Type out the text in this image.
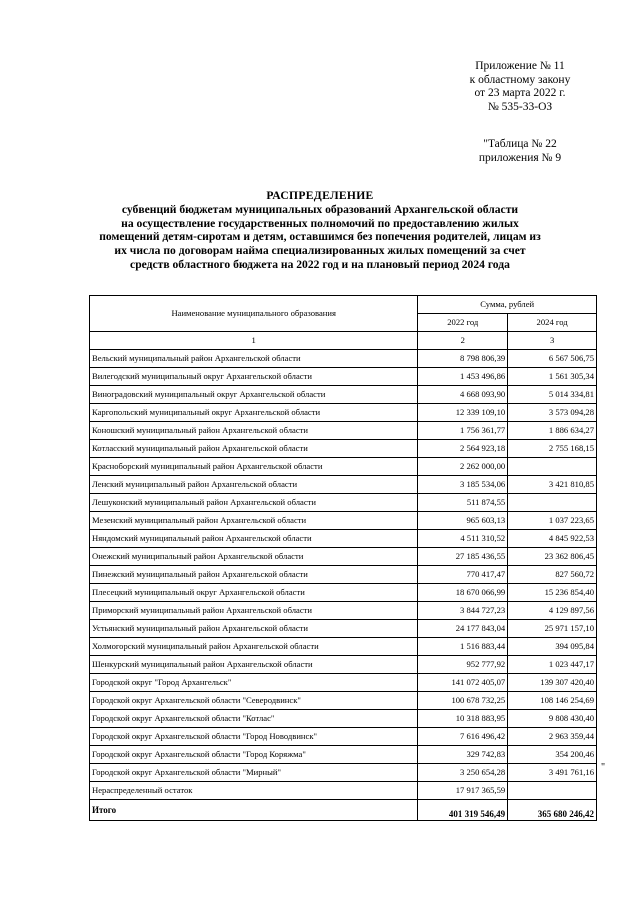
Приложение № 11
к областному закону
от 23 марта 2022 г.
№ 535-33-ОЗ
"Таблица № 22
приложения № 9
РАСПРЕДЕЛЕНИЕ
субвенций бюджетам муниципальных образований Архангельской области
на осуществление государственных полномочий по предоставлению жилых
помещений детям-сиротам и детям, оставшимся без попечения родителей, лицам из
их числа по договорам найма специализированных жилых помещений за счет
средств областного бюджета на 2022 год и на плановый период 2024 года
Наименование муниципального образования	Сумма, рублей	
	2022 год	2024 год
1	2	3
Вельский муниципальный район Архангельской области	8 798 806,39	6 567 506,75
Вилегодский муниципальный округ Архангельской области	1 453 496,86	1 561 305,34
Виноградовский муниципальный округ Архангельской области	4 668 093,90	5 014 334,81
Каргопольский муниципальный округ Архангельской области	12 339 109,10	3 573 094,28
Коношский муниципальный район Архангельской области	1 756 361,77	1 886 634,27
Котласский муниципальный район Архангельской области	2 564 923,18	2 755 168,15
Красноборский муниципальный район Архангельской области	2 262 000,00	
Ленский муниципальный район Архангельской области	3 185 534,06	3 421 810,85
Лешуконский муниципальный район Архангельской области	511 874,55	
Мезенский муниципальный район Архангельской области	965 603,13	1 037 223,65
Няндомский муниципальный район Архангельской области	4 511 310,52	4 845 922,53
Онежский муниципальный район Архангельской области	27 185 436,55	23 362 806,45
Пинежский муниципальный район Архангельской области	770 417,47	827 560,72
Плесецкий муниципальный округ Архангельской области	18 670 066,99	15 236 854,40
Приморский муниципальный район Архангельской области	3 844 727,23	4 129 897,56
Устьянский муниципальный район Архангельской области	24 177 843,04	25 971 157,10
Холмогорский муниципальный район Архангельской области	1 516 883,44	394 095,84
Шенкурский муниципальный район Архангельской области	952 777,92	1 023 447,17
Городской округ "Город Архангельск"	141 072 405,07	139 307 420,40
Городской округ Архангельской области "Северодвинск"	100 678 732,25	108 146 254,69
Городской округ Архангельской области "Котлас"	10 318 883,95	9 808 430,40
Городской округ Архангельской области "Город Новодвинск"	7 616 496,42	2 963 359,44
Городской округ Архангельской области "Город Коряжма"	329 742,83	354 200,46
Городской округ Архангельской области "Мирный"	3 250 654,28	3 491 761,16
Нераспределенный остаток	17 917 365,59	
Итого	401 319 546,49	365 680 246,42
"
